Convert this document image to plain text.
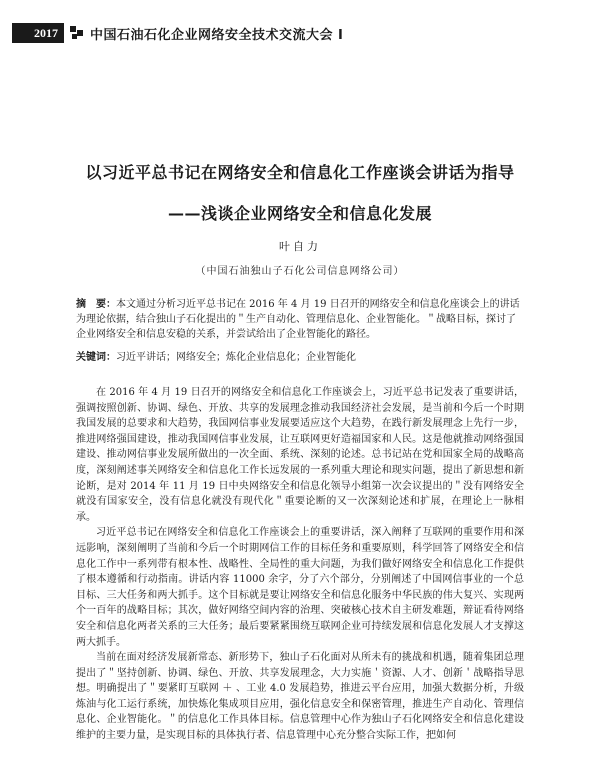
2017	中国石油石化企业网络安全技术交流大会 I

以习近平总书记在网络安全和信息化工作座谈会讲话为指导

——浅谈企业网络安全和信息化发展

叶自力
（中国石油独山子石化公司信息网络公司）
摘　要：本文通过分析习近平总书记在 2016 年 4 月 19 日召开的网络安全和信息化座谈会上的讲话为理论依据，结合独山子石化提出的＂生产自动化、管理信息化、企业智能化。＂战略目标，探讨了企业网络安全和信息安稳的关系，并尝试给出了企业智能化的路径。
关键词：习近平讲话；网络安全；炼化企业信息化；企业智能化

在 2016 年 4 月 19 日召开的网络安全和信息化工作座谈会上，习近平总书记发表了重要讲话，强调按照创新、协调、绿色、开放、共享的发展理念推动我国经济社会发展，是当前和今后一个时期我国发展的总要求和大趋势，我国网信事业发展要适应这个大趋势，在践行新发展理念上先行一步，推进网络强国建设，推动我国网信事业发展，让互联网更好造福国家和人民。这是他就推动网络强国建设、推动网信事业发展所做出的一次全面、系统、深刻的论述。总书记站在党和国家全局的战略高度，深刻阐述事关网络安全和信息化工作长远发展的一系列重大理论和现实问题，提出了新思想和新论断，是对 2014 年 11 月 19 日中央网络安全和信息化领导小组第一次会议提出的＂没有网络安全就没有国家安全，没有信息化就没有现代化＂重要论断的又一次深刻论述和扩展，在理论上一脉相承。

习近平总书记在网络安全和信息化工作座谈会上的重要讲话，深入阐释了互联网的重要作用和深远影响，深刻阐明了当前和今后一个时期网信工作的目标任务和重要原则，科学回答了网络安全和信息化工作中一系列带有根本性、战略性、全局性的重大问题，为我们做好网络安全和信息化工作提供了根本遵循和行动指南。讲话内容 11000 余字，分了六个部分，分别阐述了中国网信事业的一个总目标、三大任务和两大抓手。这个目标就是要让网络安全和信息化服务中华民族的伟大复兴、实现两个一百年的战略目标；其次，做好网络空间内容的治理、突破核心技术自主研发难题，辩证看待网络安全和信息化两者关系的三大任务；最后要紧紧围绕互联网企业可持续发展和信息化发展人才支撑这两大抓手。

当前在面对经济发展新常态、新形势下，独山子石化面对从所未有的挑战和机遇，随着集团总理提出了＂坚持创新、协调、绿色、开放、共享发展理念，大力实施＇资源、人才、创新＇战略指导思想。明确提出了＂要紧盯互联网 ＋ 、工业 4.0 发展趋势，推进云平台应用，加强大数据分析，升级炼油与化工运行系统，加快炼化集成项目应用，强化信息安全和保密管理，推进生产自动化、管理信息化、企业智能化。＂的信息化工作具体目标。信息管理中心作为独山子石化网络安全和信息化建设维护的主要力量，是实现目标的具体执行者、信息管理中心充分整合实际工作，把如何
